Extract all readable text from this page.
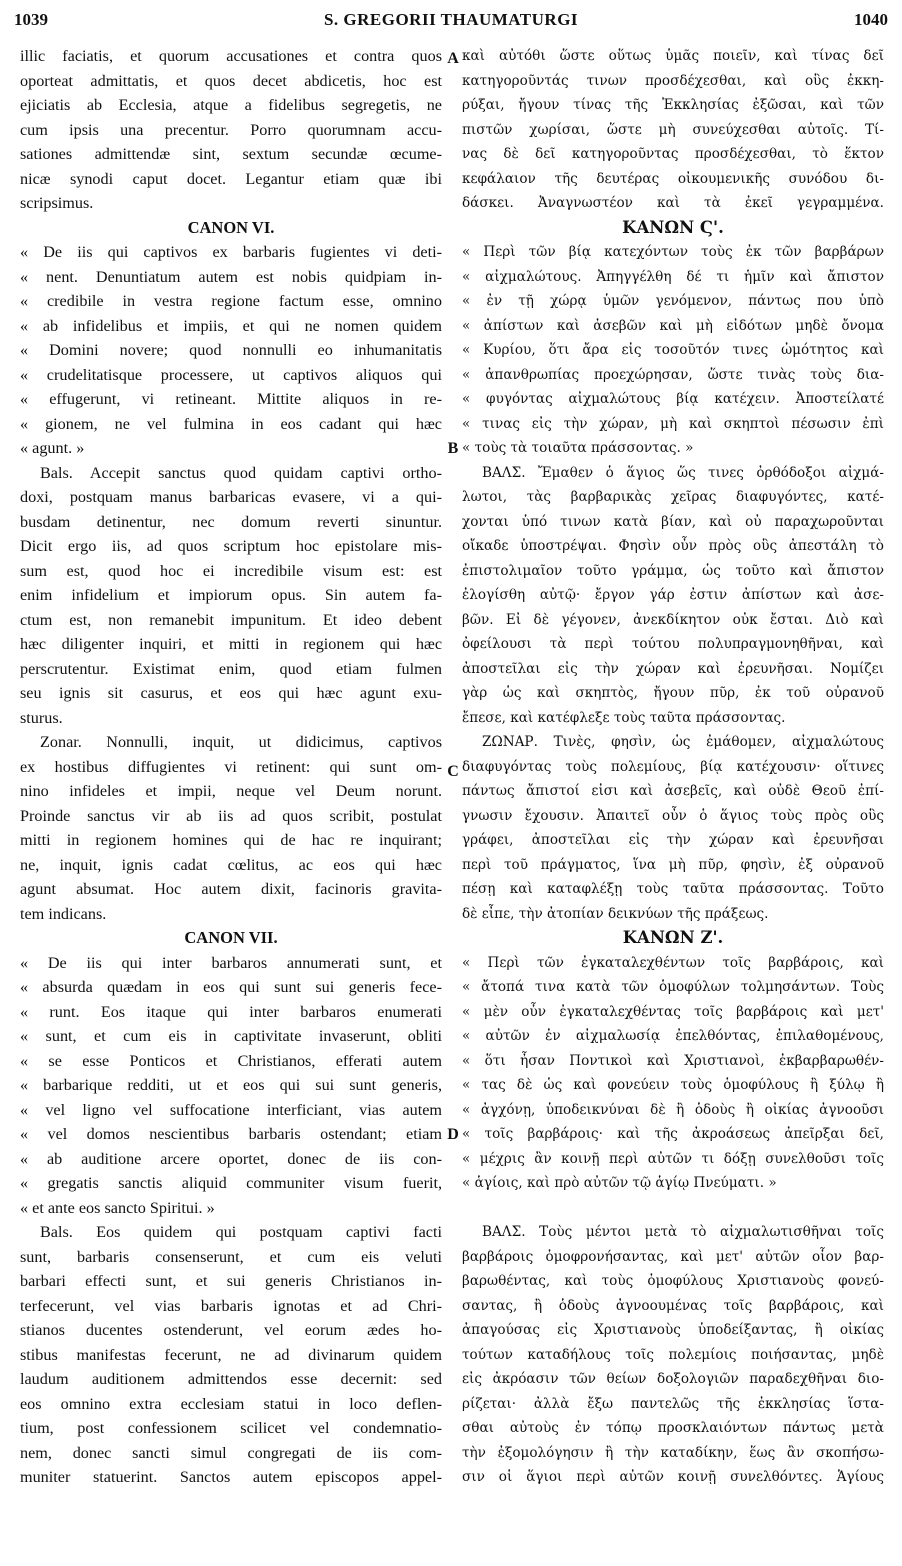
1039	S. GREGORII THAUMATURGI	1040
illic faciatis, et quorum accusationes et contra quos
oporteat admittatis, et quos decet abdicetis, hoc est
ejiciatis ab Ecclesia, atque a fidelibus segregetis, ne
cum ipsis una precentur. Porro quorumnam accu-
sationes admittendæ sint, sextum secundæ œcume-
nicæ synodi caput docet. Legantur etiam quæ ibi
scripsimus.
CANON VI.
« De iis qui captivos ex barbaris fugientes vi deti-
« nent. Denuntiatum autem est nobis quidpiam in-
« credibile in vestra regione factum esse, omnino
« ab infidelibus et impiis, et qui ne nomen quidem
« Domini novere; quod nonnulli eo inhumanitatis
« crudelitatisque processere, ut captivos aliquos qui
« effugerunt, vi retineant. Mittite aliquos in re-
« gionem, ne vel fulmina in eos cadant qui hæc
« agunt. »
Bals. Accepit sanctus quod quidam captivi ortho-
doxi, postquam manus barbaricas evasere, vi a qui-
busdam detinentur, nec domum reverti sinuntur.
Dicit ergo iis, ad quos scriptum hoc epistolare mis-
sum est, quod hoc ei incredibile visum est: est
enim infidelium et impiorum opus. Sin autem fa-
ctum est, non remanebit impunitum. Et ideo debent
hæc diligenter inquiri, et mitti in regionem qui hæc
perscrutentur. Existimat enim, quod etiam fulmen
seu ignis sit casurus, et eos qui hæc agunt exu-
sturus.
Zonar. Nonnulli, inquit, ut didicimus, captivos
ex hostibus diffugientes vi retinent: qui sunt om-
nino infideles et impii, neque vel Deum norunt.
Proinde sanctus vir ab iis ad quos scribit, postulat
mitti in regionem homines qui de hac re inquirant;
ne, inquit, ignis cadat cœlitus, ac eos qui hæc
agunt absumat. Hoc autem dixit, facinoris gravita-
tem indicans.
CANON VII.
« De iis qui inter barbaros annumerati sunt, et
« absurda quædam in eos qui sunt sui generis fece-
« runt. Eos itaque qui inter barbaros enumerati
« sunt, et cum eis in captivitate invaserunt, obliti
« se esse Ponticos et Christianos, efferati autem
« barbarique redditi, ut et eos qui sui sunt generis,
« vel ligno vel suffocatione interficiant, vias autem
« vel domos nescientibus barbaris ostendant; etiam
« ab auditione arcere oportet, donec de iis con-
« gregatis sanctis aliquid communiter visum fuerit,
« et ante eos sancto Spiritui. »
Bals. Eos quidem qui postquam captivi facti
sunt, barbaris consenserunt, et cum eis veluti
barbari effecti sunt, et sui generis Christianos in-
terfecerunt, vel vias barbaris ignotas et ad Chri-
stianos ducentes ostenderunt, vel eorum ædes ho-
stibus manifestas fecerunt, ne ad divinarum quidem
laudum auditionem admittendos esse decernit: sed
eos omnino extra ecclesiam statui in loco deflen-
tium, post confessionem scilicet vel condemnatio-
nem, donec sancti simul congregati de iis com-
muniter statuerint. Sanctos autem episcopos appel-
καὶ αὐτόθι ὥστε οὕτως ὑμᾶς ποιεῖν, καὶ τίνας δεῖ
κατηγοροῦντάς τινων προσδέχεσθαι, καὶ οὓς ἐκκη-
ρύξαι, ἤγουν τίνας τῆς Ἐκκλησίας ἐξῶσαι, καὶ τῶν
πιστῶν χωρίσαι, ὥστε μὴ συνεύχεσθαι αὐτοῖς. Τί-
νας δὲ δεῖ κατηγοροῦντας προσδέχεσθαι, τὸ ἕκτον
κεφάλαιον τῆς δευτέρας οἰκουμενικῆς συνόδου δι-
δάσκει. Ἀναγνωστέον καὶ τὰ ἐκεῖ γεγραμμένα.
ΚΑΝΩΝ Ϛ'.
« Περὶ τῶν βίᾳ κατεχόντων τοὺς ἐκ τῶν βαρβάρων
« αἰχμαλώτους. Ἀπηγγέλθη δέ τι ἡμῖν καὶ ἄπιστον
« ἐν τῇ χώρᾳ ὑμῶν γενόμενον, πάντως που ὑπὸ
« ἀπίστων καὶ ἀσεβῶν καὶ μὴ εἰδότων μηδὲ ὄνομα
« Κυρίου, ὅτι ἄρα εἰς τοσοῦτόν τινες ὠμότητος καὶ
« ἀπανθρωπίας προεχώρησαν, ὥστε τινὰς τοὺς δια-
« φυγόντας αἰχμαλώτους βίᾳ κατέχειν. Ἀποστείλατέ
« τινας εἰς τὴν χώραν, μὴ καὶ σκηπτοὶ πέσωσιν ἐπὶ
« τοὺς τὰ τοιαῦτα πράσσοντας. »
ΒΑΛΣ. Ἔμαθεν ὁ ἅγιος ὥς τινες ὀρθόδοξοι αἰχμά-
λωτοι, τὰς βαρβαρικὰς χεῖρας διαφυγόντες, κατέ-
χονται ὑπό τινων κατὰ βίαν, καὶ οὐ παραχωροῦνται
οἴκαδε ὑποστρέψαι. Φησὶν οὖν πρὸς οὓς ἀπεστάλη τὸ
ἐπιστολιμαῖον τοῦτο γράμμα, ὡς τοῦτο καὶ ἄπιστον
ἐλογίσθη αὐτῷ· ἔργον γάρ ἐστιν ἀπίστων καὶ ἀσε-
βῶν. Εἰ δὲ γέγονεν, ἀνεκδίκητον οὐκ ἔσται. Διὸ καὶ
ὀφείλουσι τὰ περὶ τούτου πολυπραγμονηθῆναι, καὶ
ἀποστεῖλαι εἰς τὴν χώραν καὶ ἐρευνῆσαι. Νομίζει
γὰρ ὡς καὶ σκηπτὸς, ἤγουν πῦρ, ἐκ τοῦ οὐρανοῦ
ἔπεσε, καὶ κατέφλεξε τοὺς ταῦτα πράσσοντας.
ΖΩΝΑΡ. Τινὲς, φησὶν, ὡς ἐμάθομεν, αἰχμαλώτους
διαφυγόντας τοὺς πολεμίους, βίᾳ κατέχουσιν· οἵτινες
πάντως ἄπιστοί εἰσι καὶ ἀσεβεῖς, καὶ οὐδὲ Θεοῦ ἐπί-
γνωσιν ἔχουσιν. Ἀπαιτεῖ οὖν ὁ ἅγιος τοὺς πρὸς οὓς
γράφει, ἀποστεῖλαι εἰς τὴν χώραν καὶ ἐρευνῆσαι
περὶ τοῦ πράγματος, ἵνα μὴ πῦρ, φησὶν, ἐξ οὐρανοῦ
πέσῃ καὶ καταφλέξῃ τοὺς ταῦτα πράσσοντας. Τοῦτο
δὲ εἶπε, τὴν ἀτοπίαν δεικνύων τῆς πράξεως.
ΚΑΝΩΝ Ζ'.
« Περὶ τῶν ἐγκαταλεχθέντων τοῖς βαρβάροις, καὶ
« ἄτοπά τινα κατὰ τῶν ὁμοφύλων τολμησάντων. Τοὺς
« μὲν οὖν ἐγκαταλεχθέντας τοῖς βαρβάροις καὶ μετ'
« αὐτῶν ἐν αἰχμαλωσίᾳ ἐπελθόντας, ἐπιλαθομένους,
« ὅτι ἦσαν Ποντικοὶ καὶ Χριστιανοὶ, ἐκβαρβαρωθέν-
« τας δὲ ὡς καὶ φονεύειν τοὺς ὁμοφύλους ἢ ξύλῳ ἢ
« ἀγχόνῃ, ὑποδεικνύναι δὲ ἢ ὁδοὺς ἢ οἰκίας ἀγνοοῦσι
« τοῖς βαρβάροις· καὶ τῆς ἀκροάσεως ἀπεῖρξαι δεῖ,
« μέχρις ἂν κοινῇ περὶ αὐτῶν τι δόξῃ συνελθοῦσι τοῖς
« ἁγίοις, καὶ πρὸ αὐτῶν τῷ ἁγίῳ Πνεύματι. »
ΒΑΛΣ. Τοὺς μέντοι μετὰ τὸ αἰχμαλωτισθῆναι τοῖς
βαρβάροις ὁμοφρονήσαντας, καὶ μετ' αὐτῶν οἷον βαρ-
βαρωθέντας, καὶ τοὺς ὁμοφύλους Χριστιανοὺς φονεύ-
σαντας, ἢ ὁδοὺς ἀγνοουμένας τοῖς βαρβάροις, καὶ
ἀπαγούσας εἰς Χριστιανοὺς ὑποδείξαντας, ἢ οἰκίας
τούτων καταδήλους τοῖς πολεμίοις ποιήσαντας, μηδὲ
εἰς ἀκρόασιν τῶν θείων δοξολογιῶν παραδεχθῆναι διο-
ρίζεται· ἀλλὰ ἔξω παντελῶς τῆς ἐκκλησίας ἵστα-
σθαι αὐτοὺς ἐν τόπῳ προσκλαιόντων πάντως μετὰ
τὴν ἐξομολόγησιν ἢ τὴν καταδίκην, ἕως ἂν σκοπήσω-
σιν οἱ ἅγιοι περὶ αὐτῶν κοινῇ συνελθόντες. Ἁγίους
A
B
C
D
